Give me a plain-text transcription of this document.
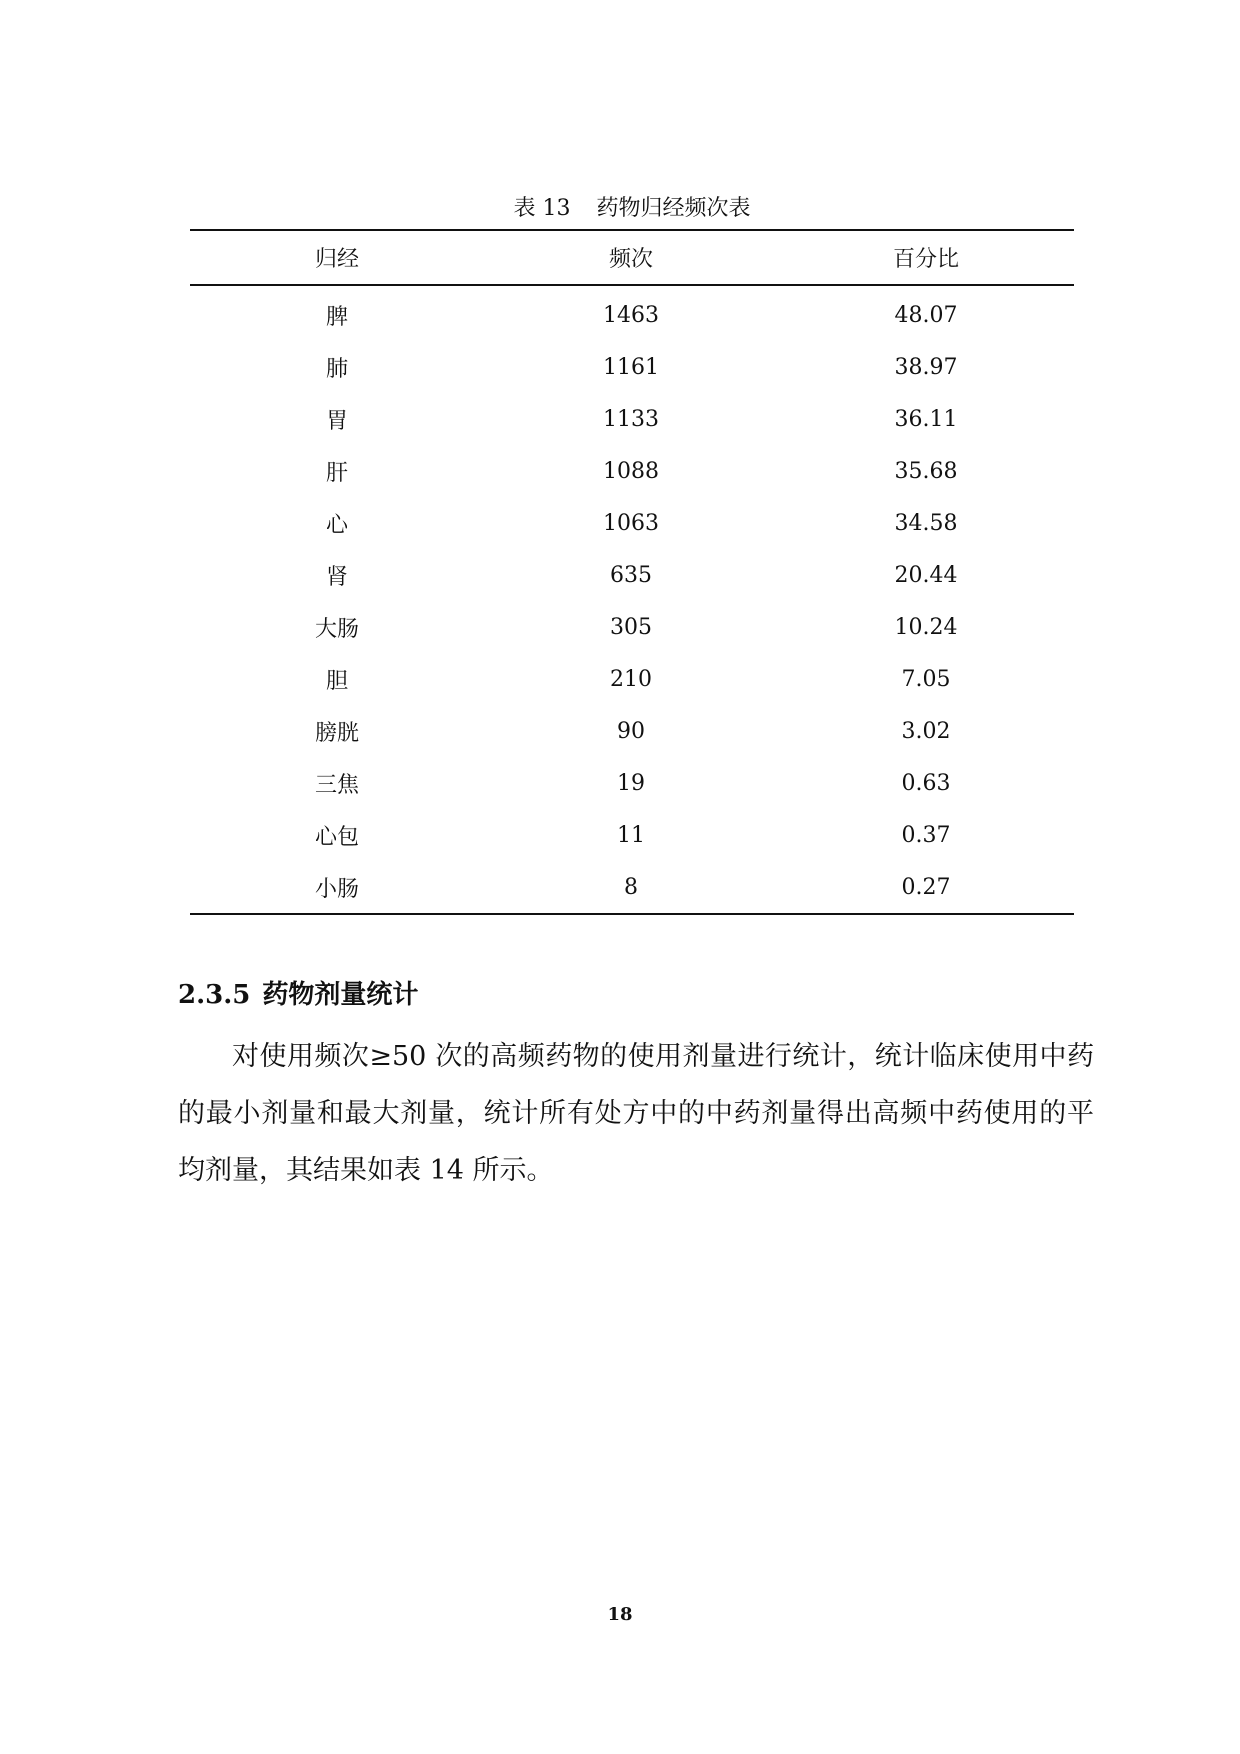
表 13 药物归经频次表
归经	频次	百分比
脾	1463	48.07
肺	1161	38.97
胃	1133	36.11
肝	1088	35.68
心	1063	34.58
肾	635	20.44
大肠	305	10.24
胆	210	7.05
膀胱	90	3.02
三焦	19	0.63
心包	11	0.37
小肠	8	0.27
2.3.5 药物剂量统计

对使用频次≥50 次的高频药物的使用剂量进行统计，统计临床使用中药的最小剂量和最大剂量，统计所有处方中的中药剂量得出高频中药使用的平均剂量，其结果如表 14 所示。

18
